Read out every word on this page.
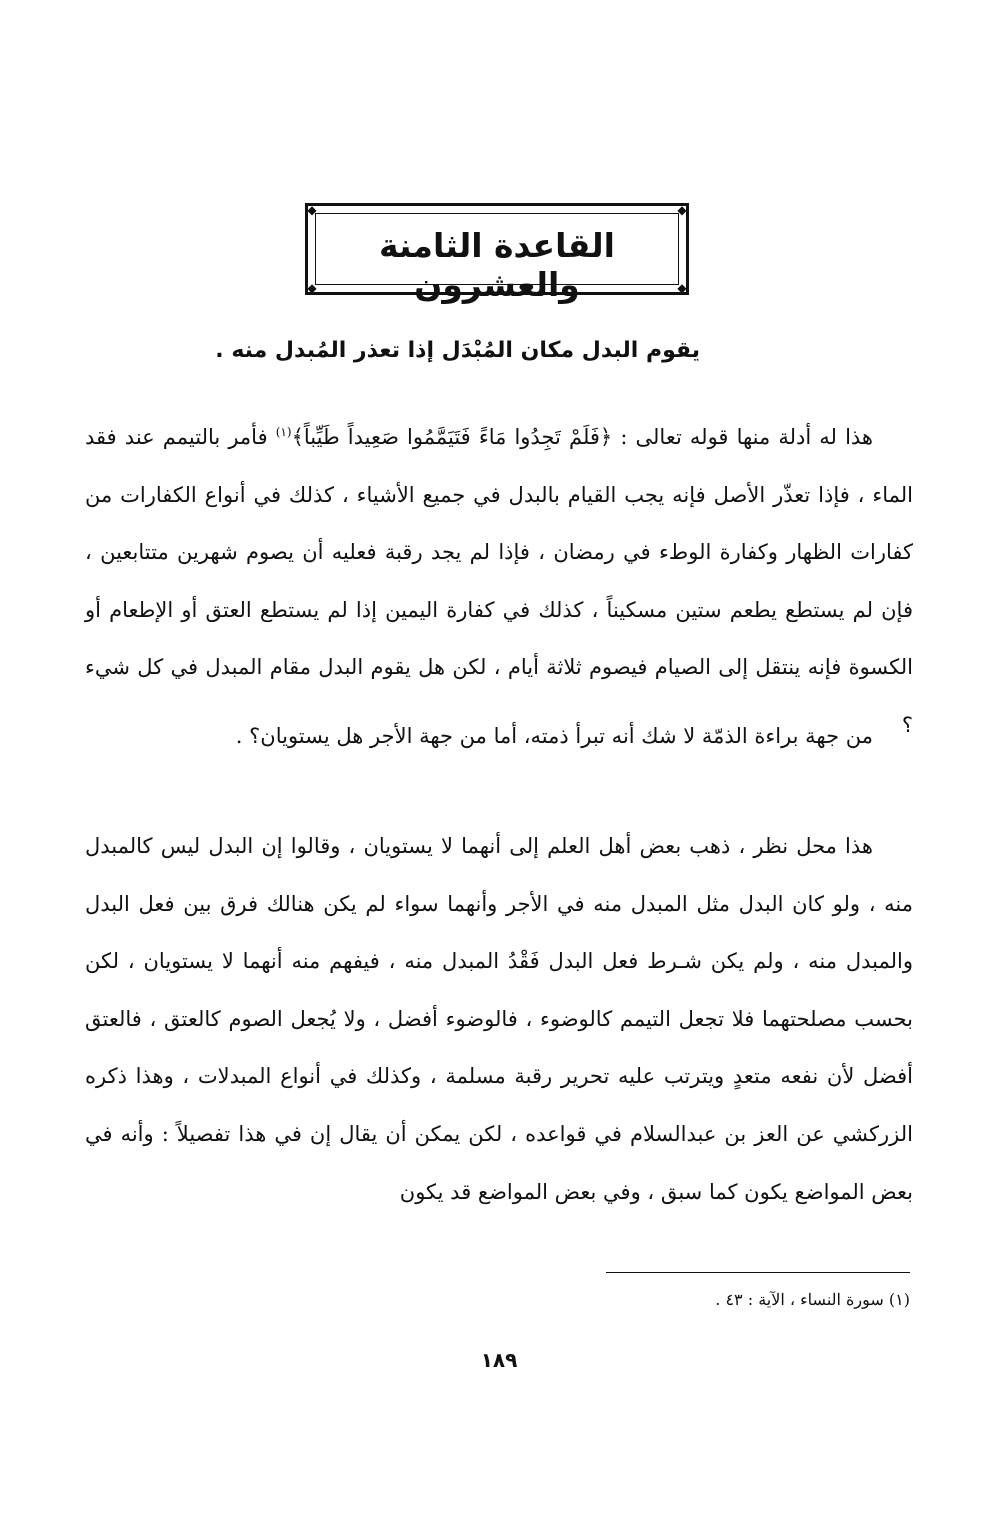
◆	◆
◆	◆
القاعدة الثامنة والعشرون
يقوم البدل مكان المُبْدَل إذا تعذر المُبدل منه .
هذا له أدلة منها قوله تعالى : ﴿فَلَمْ تَجِدُوا مَاءً فَتَيَمَّمُوا صَعِيداً طَيِّباً﴾$^{(١)}$ فأمر بالتيمم عند فقد الماء ، فإذا تعذّر الأصل فإنه يجب القيام بالبدل في جميع الأشياء ، كذلك في أنواع الكفارات من كفارات الظهار وكفارة الوطء في رمضان ، فإذا لم يجد رقبة فعليه أن يصوم شهرين متتابعين ، فإن لم يستطع يطعم ستين مسكيناً ، كذلك في كفارة اليمين إذا لم يستطع العتق أو الإطعام أو الكسوة فإنه ينتقل إلى الصيام فيصوم ثلاثة أيام ، لكن هل يقوم البدل مقام المبدل في كل شيء ؟
من جهة براءة الذمّة لا شك أنه تبرأ ذمته، أما من جهة الأجر هل يستويان؟ .
هذا محل نظر ، ذهب بعض أهل العلم إلى أنهما لا يستويان ، وقالوا إن البدل ليس كالمبدل منه ، ولو كان البدل مثل المبدل منه في الأجر وأنهما سواء لم يكن هنالك فرق بين فعل البدل والمبدل منه ، ولم يكن شـرط فعل البدل فَقْدُ المبدل منه ، فيفهم منه أنهما لا يستويان ، لكن بحسب مصلحتهما فلا تجعل التيمم كالوضوء ، فالوضوء أفضل ، ولا يُجعل الصوم كالعتق ، فالعتق أفضل لأن نفعه متعدٍ ويترتب عليه تحرير رقبة مسلمة ، وكذلك في أنواع المبدلات ، وهذا ذكره الزركشي عن العز بن عبدالسلام في قواعده ، لكن يمكن أن يقال إن في هذا تفصيلاً : وأنه في بعض المواضع يكون كما سبق ، وفي بعض المواضع قد يكون
(١) سورة النساء ، الآية : ٤٣ .
١٨٩
